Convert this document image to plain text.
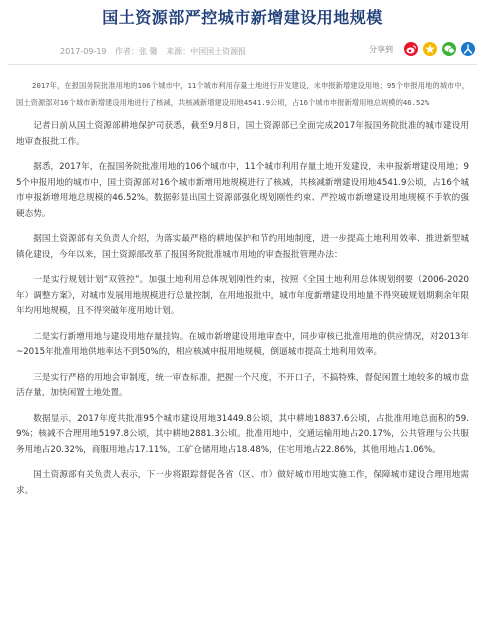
国土资源部严控城市新增建设用地规模
2017-09-19 作者：张 馨 来源：中国国土资源报	分享到
2017年，在报国务院批准用地的106个城市中，11个城市利用存量土地进行开发建设，未申报新增建设用地；95个申报用地的城市中，国土资源部对16个城市新增建设用地进行了核减，共核减新增建设用地4541.9公顷，占16个城市申报新增用地总规模的46.52%

记者日前从国土资源部耕地保护司获悉，截至9月8日，国土资源部已全面完成2017年报国务院批准的城市建设用地审查报批工作。

据悉，2017年，在报国务院批准用地的106个城市中，11个城市利用存量土地开发建设，未申报新增建设用地；95个申报用地的城市中，国土资源部对16个城市新增用地规模进行了核减，共核减新增建设用地4541.9公顷，占16个城市申报新增用地总规模的46.52%。数据彰显出国土资源部强化规划刚性约束、严控城市新增建设用地规模不手软的强硬态势。

据国土资源部有关负责人介绍，为落实最严格的耕地保护和节约用地制度，进一步提高土地利用效率、推进新型城镇化建设，今年以来，国土资源部改革了报国务院批准城市用地的审查报批管理办法：

一是实行规划计划“双管控”。加强土地利用总体规划刚性约束，按照《全国土地利用总体规划纲要（2006-2020年）调整方案》，对城市发展用地规模进行总量控制，在用地报批中，城市年度新增建设用地量不得突破规划期剩余年限年均用地规模，且不得突破年度用地计划。

二是实行新增用地与建设用地存量挂钩。在城市新增建设用地审查中，同步审核已批准用地的供应情况，对2013年~2015年批准用地供地率达不到50%的，相应核减申报用地规模，倒逼城市提高土地利用效率。

三是实行严格的用地会审制度，统一审查标准，把握一个尺度，不开口子，不搞特殊，督促闲置土地较多的城市盘活存量，加快闲置土地处置。

数据显示，2017年度共批准95个城市建设用地31449.8公顷，其中耕地18837.6公顷，占批准用地总面积的59.9%；核减不合理用地5197.8公顷，其中耕地2881.3公顷。批准用地中，交通运输用地占20.17%，公共管理与公共服务用地占20.32%，商服用地占17.11%，工矿仓储用地占18.48%，住宅用地占22.86%，其他用地占1.06%。

国土资源部有关负责人表示，下一步将跟踪督促各省（区、市）做好城市用地实施工作，保障城市建设合理用地需求。
